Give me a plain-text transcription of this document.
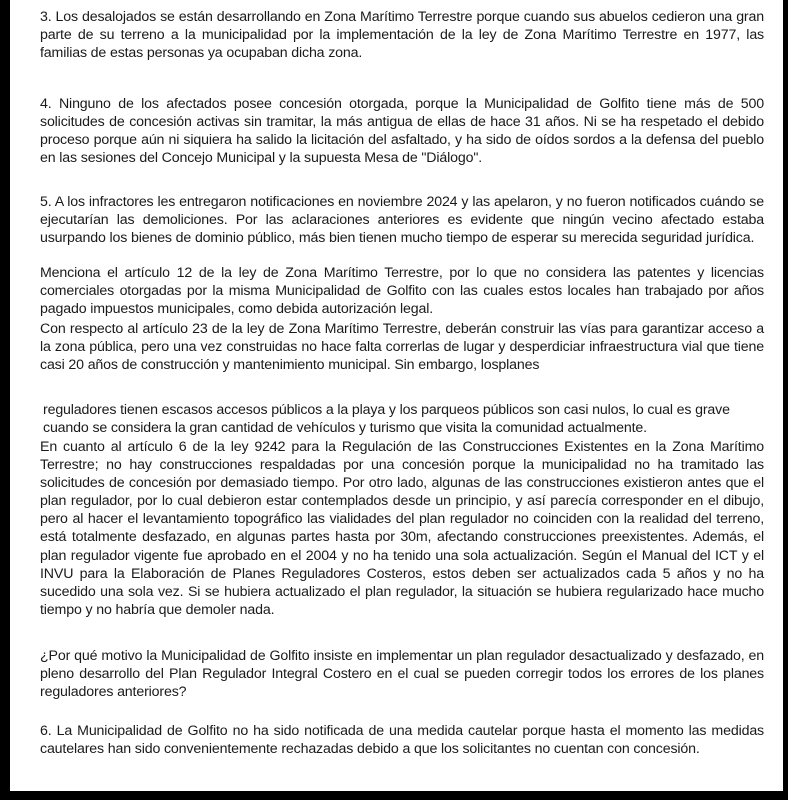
3. Los desalojados se están desarrollando en Zona Marítimo Terrestre porque cuando sus abuelos cedieron una gran parte de su terreno a la municipalidad por la implementación de la ley de Zona Marítimo Terrestre en 1977, las familias de estas personas ya ocupaban dicha zona.

4. Ninguno de los afectados posee concesión otorgada, porque la Municipalidad de Golfito tiene más de 500 solicitudes de concesión activas sin tramitar, la más antigua de ellas de hace 31 años. Ni se ha respetado el debido proceso porque aún ni siquiera ha salido la licitación del asfaltado, y ha sido de oídos sordos a la defensa del pueblo en las sesiones del Concejo Municipal y la supuesta Mesa de "Diálogo".

5. A los infractores les entregaron notificaciones en noviembre 2024 y las apelaron, y no fueron notificados cuándo se ejecutarían las demoliciones. Por las aclaraciones anteriores es evidente que ningún vecino afectado estaba usurpando los bienes de dominio público, más bien tienen mucho tiempo de esperar su merecida seguridad jurídica.

Menciona el artículo 12 de la ley de Zona Marítimo Terrestre, por lo que no considera las patentes y licencias comerciales otorgadas por la misma Municipalidad de Golfito con las cuales estos locales han trabajado por años pagado impuestos municipales, como debida autorización legal.

Con respecto al artículo 23 de la ley de Zona Marítimo Terrestre, deberán construir las vías para garantizar acceso a la zona pública, pero una vez construidas no hace falta correrlas de lugar y desperdiciar infraestructura vial que tiene casi 20 años de construcción y mantenimiento municipal. Sin embargo, losplanes

reguladores tienen escasos accesos públicos a la playa y los parqueos públicos son casi nulos, lo cual es grave cuando se considera la gran cantidad de vehículos y turismo que visita la comunidad actualmente.

En cuanto al artículo 6 de la ley 9242 para la Regulación de las Construcciones Existentes en la Zona Marítimo Terrestre; no hay construcciones respaldadas por una concesión porque la municipalidad no ha tramitado las solicitudes de concesión por demasiado tiempo. Por otro lado, algunas de las construcciones existieron antes que el plan regulador, por lo cual debieron estar contemplados desde un principio, y así parecía corresponder en el dibujo, pero al hacer el levantamiento topográfico las vialidades del plan regulador no coinciden con la realidad del terreno, está totalmente desfazado, en algunas partes hasta por 30m, afectando construcciones preexistentes. Además, el plan regulador vigente fue aprobado en el 2004 y no ha tenido una sola actualización. Según el Manual del ICT y el INVU para la Elaboración de Planes Reguladores Costeros, estos deben ser actualizados cada 5 años y no ha sucedido una sola vez. Si se hubiera actualizado el plan regulador, la situación se hubiera regularizado hace mucho tiempo y no habría que demoler nada.

¿Por qué motivo la Municipalidad de Golfito insiste en implementar un plan regulador desactualizado y desfazado, en pleno desarrollo del Plan Regulador Integral Costero en el cual se pueden corregir todos los errores de los planes reguladores anteriores?

6. La Municipalidad de Golfito no ha sido notificada de una medida cautelar porque hasta el momento las medidas cautelares han sido convenientemente rechazadas debido a que los solicitantes no cuentan con concesión.
